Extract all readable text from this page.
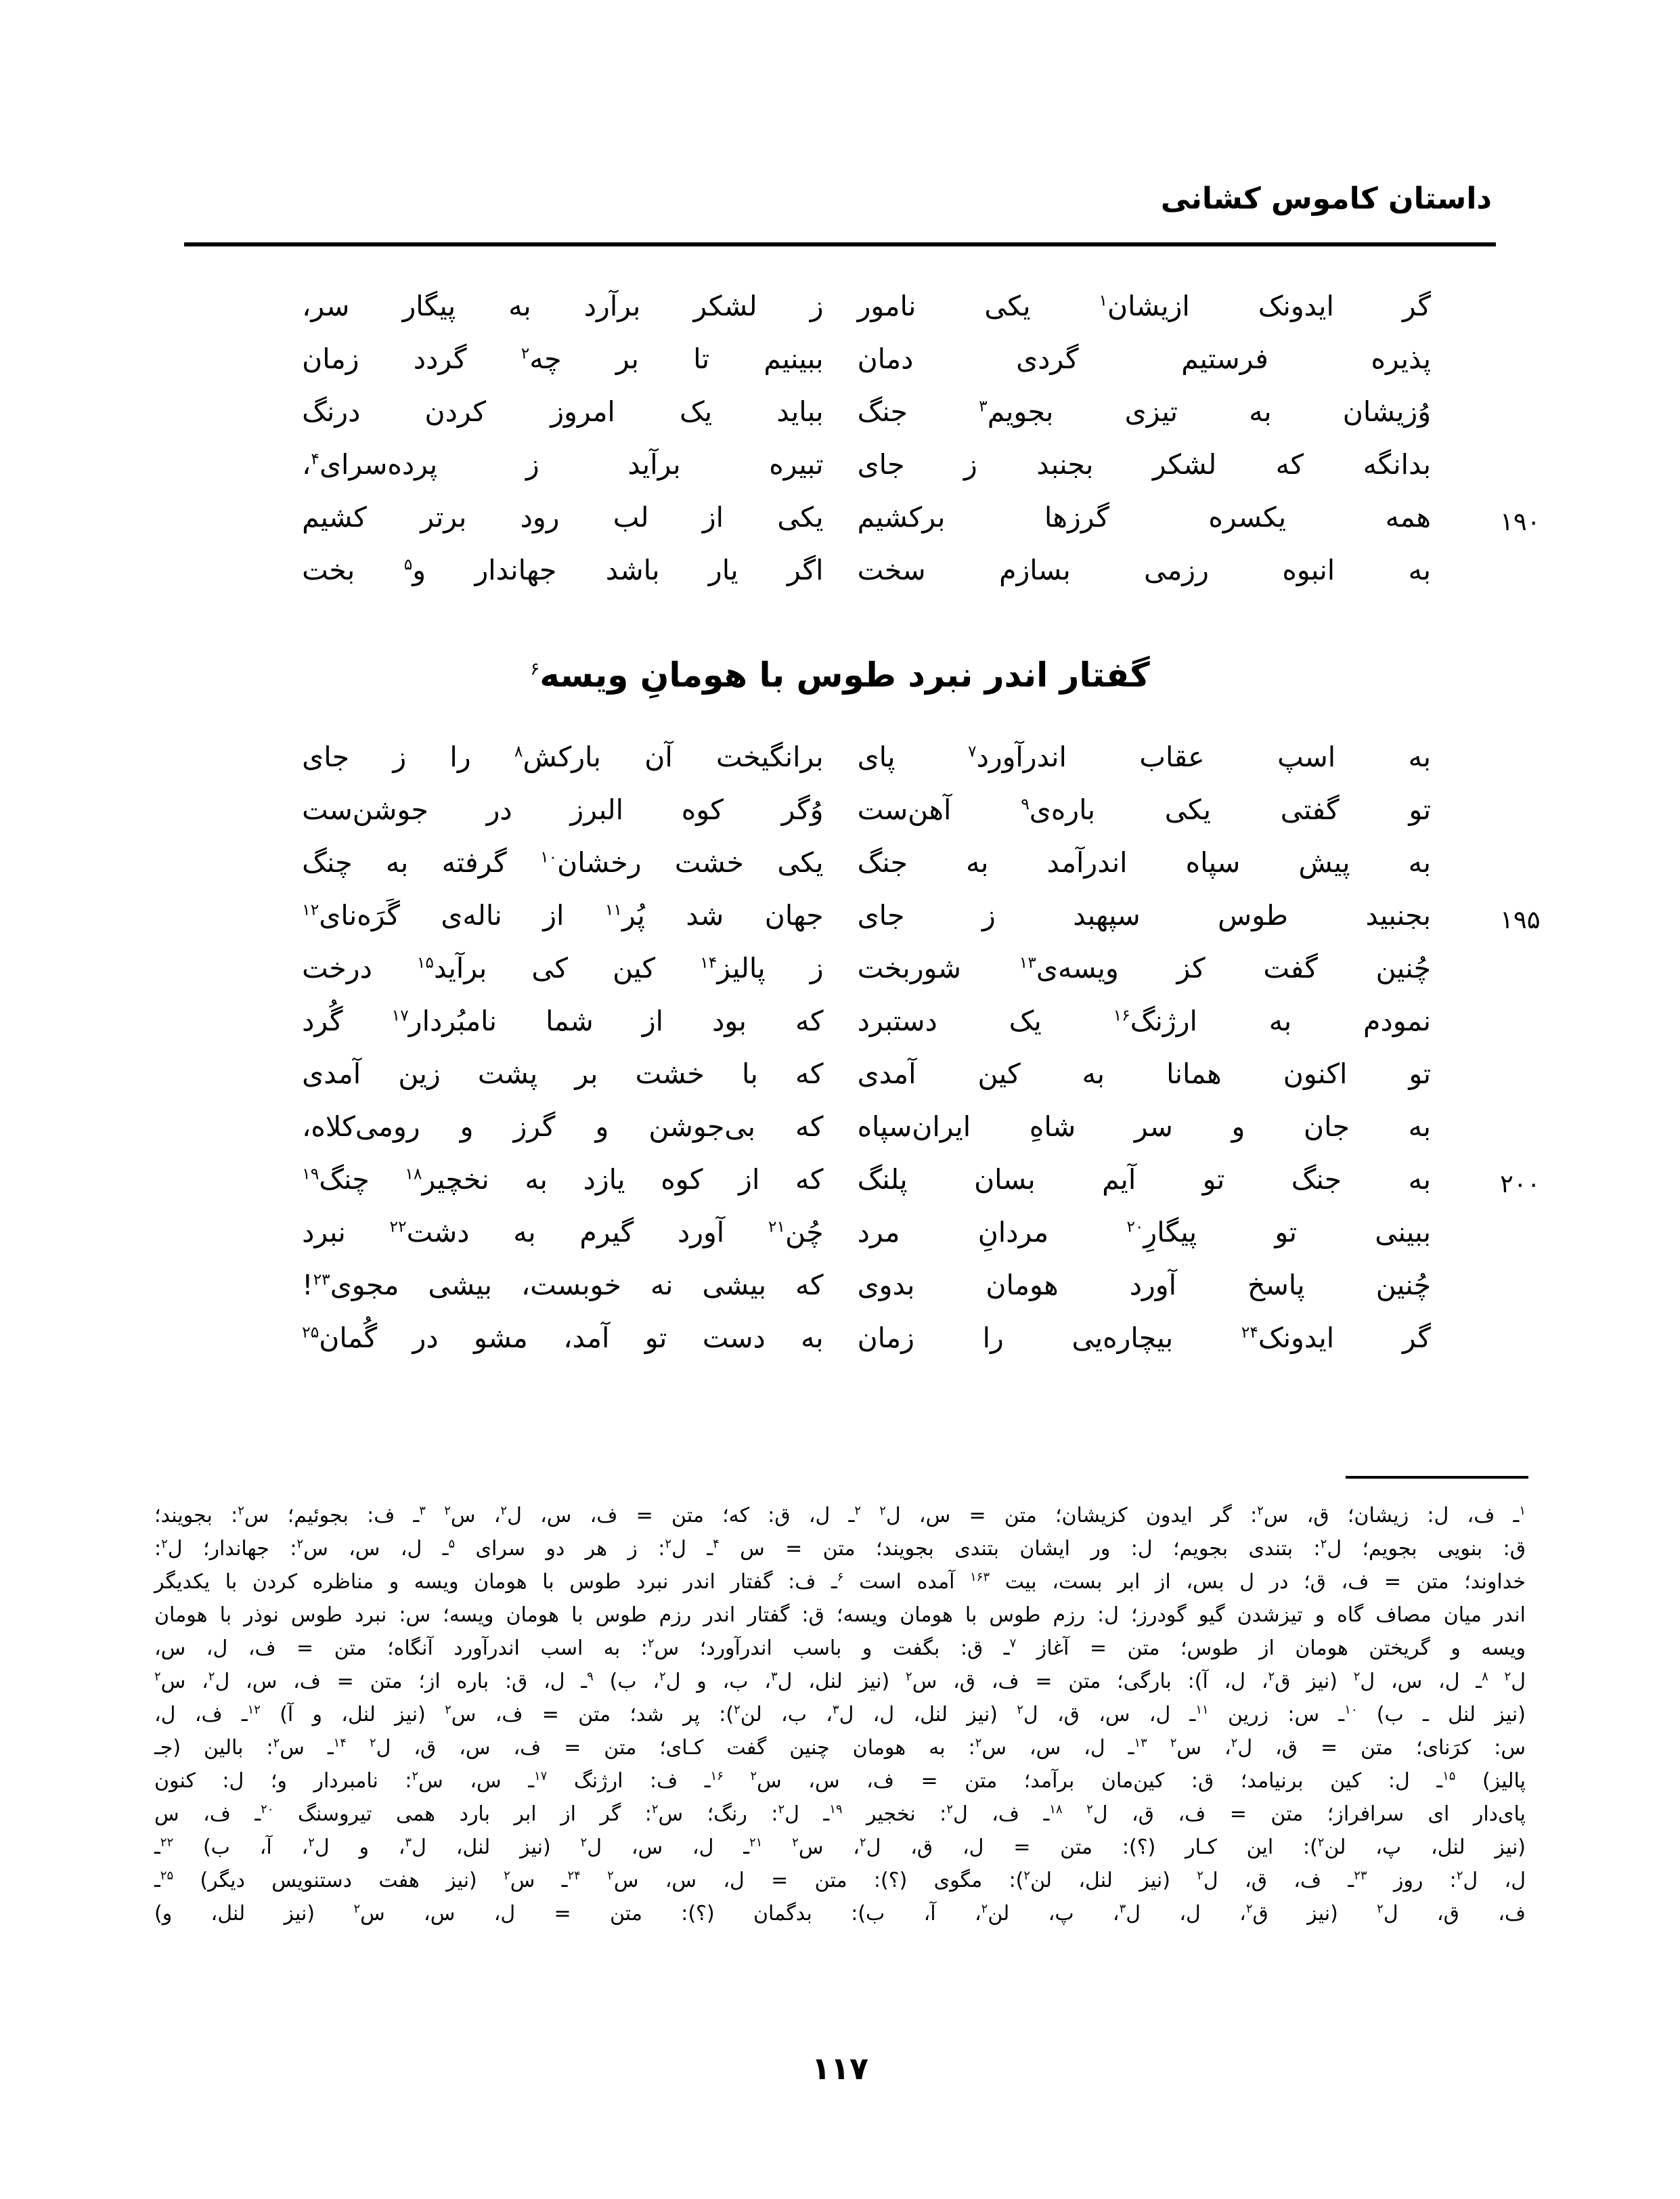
داستان کاموس کشانی
گر ایدونک ازیشان$^۱$ یکی نامور
ز لشکر برآرد به پیگار سر،
پذیره فرستیم گردی دمان
ببینیم تا بر چه$^۲$ گردد زمان
وُزیشان به تیزی بجویم$^۳$ جنگ
بباید یک امروز کردن درنگ
بدانگه که لشکر بجنبد ز جای
تبیره برآید ز پرده‌سرای$^۴$،
۱۹۰
همه یکسره گرزها برکشیم
یکی از لب رود برتر کشیم
به انبوه رزمی بسازم سخت
اگر یار باشد جهاندار و$^۵$ بخت
گفتار اندر نبرد طوس با هومانِ ویسه$^۶$
به اسپ عقاب اندرآورد$^۷$ پای
برانگیخت آن بارکش$^۸$ را ز جای
تو گفتی یکی باره‌ی$^۹$ آهن‌ست
وُگر کوه البرز در جوشن‌ست
به پیش سپاه اندرآمد به جنگ
یکی خشت رخشان$^{۱۰}$ گرفته به چنگ
۱۹۵
بجنبید طوس سپهبد ز جای
جهان شد پُر$^{۱۱}$ از ناله‌ی گَرَه‌نای$^{۱۲}$
چُنین گفت کز ویسه‌ی$^{۱۳}$ شوربخت
ز پالیز$^{۱۴}$ کین کی برآید$^{۱۵}$ درخت
نمودم به ارژنگ$^{۱۶}$ یک دستبرد
که بود از شما نامبُردار$^{۱۷}$ گُرد
تو اکنون همانا به کین آمدی
که با خشت بر پشت زین آمدی
به جان و سر شاهِ ایران‌سپاه
که بی‌جوشن و گرز و رومی‌کلاه،
۲۰۰
به جنگ تو آیم بسان پلنگ
که از کوه یازد به نخچیر$^{۱۸}$ چنگ$^{۱۹}$
ببینی تو پیگارِ$^{۲۰}$ مردانِ مرد
چُن$^{۲۱}$ آورد گیرم به دشت$^{۲۲}$ نبرد
چُنین پاسخ آورد هومان بدوی
که بیشی نه خوبست، بیشی مجوی$^{۲۳}$!
گر ایدونک$^{۲۴}$ بیچاره‌یی را زمان
به دست تو آمد، مشو در گُمان$^{۲۵}$
$^۱$ـ ف، ل: زیشان؛ ق، س$^۲$: گر ایدون کزیشان؛ متن = س، ل$^۲$ $^۲$ـ ل، ق: که؛ متن = ف، س، ل$^۲$، س$^۲$ $^۳$ـ ف: بجوئیم؛ س$^۲$: بجویند؛
ق: بنویی بجویم؛ ل$^۲$: بتندی بجویم؛ ل: ور ایشان بتندی بجویند؛ متن = س $^۴$ـ ل$^۲$: ز هر دو سرای $^۵$ـ ل، س، س$^۲$: جهاندار؛ ل$^۲$:
خداوند؛ متن = ف، ق؛ در ل بس، از ابر بست، بیت $^{۱۶۳}$ آمده است $^۶$ـ ف: گفتار اندر نبرد طوس با هومان ویسه و مناظره کردن با یکدیگر
اندر میان مصاف گاه و تیزشدن گیو گودرز؛ ل: رزم طوس با هومان ویسه؛ ق: گفتار اندر رزم طوس با هومان ویسه؛ س: نبرد طوس نوذر با هومان
ویسه و گریختن هومان از طوس؛ متن = آغاز $^۷$ـ ق: بگفت و باسب اندرآورد؛ س$^۲$: به اسب اندرآورد آنگاه؛ متن = ف، ل، س،
ل$^۲$ $^۸$ـ ل، س، ل$^۲$ (نیز ق$^۲$، ل، آ): بارگی؛ متن = ف، ق، س$^۲$ (نیز لنل، ل$^۳$، ب، و ل$^۲$، ب) $^۹$ـ ل، ق: باره از؛ متن = ف، س، ل$^۲$، س$^۲$
(نیز لنل ـ ب) $^{۱۰}$ـ س: زرین $^{۱۱}$ـ ل، س، ق، ل$^۲$ (نیز لنل، ل، ل$^۳$، ب، لن$^۲$): پر شد؛ متن = ف، س$^۲$ (نیز لنل، و آ) $^{۱۲}$ـ ف، ل،
س: کرَنای؛ متن = ق، ل$^۲$، س$^۲$ $^{۱۳}$ـ ل، س، س$^۲$: به هومان چنین گفت کـای؛ متن = ف، س، ق، ل$^۲$ $^{۱۴}$ـ س$^۲$: بالین (جـ
پالیز) $^{۱۵}$ـ ل: کین برنیامد؛ ق: کین‌مان برآمد؛ متن = ف، س، س$^۲$ $^{۱۶}$ـ ف: ارژنگ $^{۱۷}$ـ س، س$^۲$: نامبردار و؛ ل: کنون
پای‌دار ای سرافراز؛ متن = ف، ق، ل$^۲$ $^{۱۸}$ـ ف، ل$^۲$: نخجیر $^{۱۹}$ـ ل$^۲$: رنگ؛ س$^۲$: گر از ابر بارد همی تیروسنگ $^{۲۰}$ـ ف، س
(نیز لنل، پ، لن$^۲$): این کـار (؟): متن = ل، ق، ل$^۲$، س$^۲$ $^{۲۱}$ـ ل، س، ل$^۲$ (نیز لنل، ل$^۳$، و ل$^۲$، آ، ب) $^{۲۲}$ـ
ل، ل$^۲$: روز $^{۲۳}$ـ ف، ق، ل$^۲$ (نیز لنل، لن$^۲$): مگوی (؟): متن = ل، س، س$^۲$ $^{۲۴}$ـ س$^۲$ (نیز هفت دستنویس دیگر) $^{۲۵}$ـ
ف، ق، ل$^۲$ (نیز ق$^۲$، ل، ل$^۳$، پ، لن$^۲$، آ، ب): بدگمان (؟): متن = ل، س، س$^۲$ (نیز لنل، و)
۱۱۷
